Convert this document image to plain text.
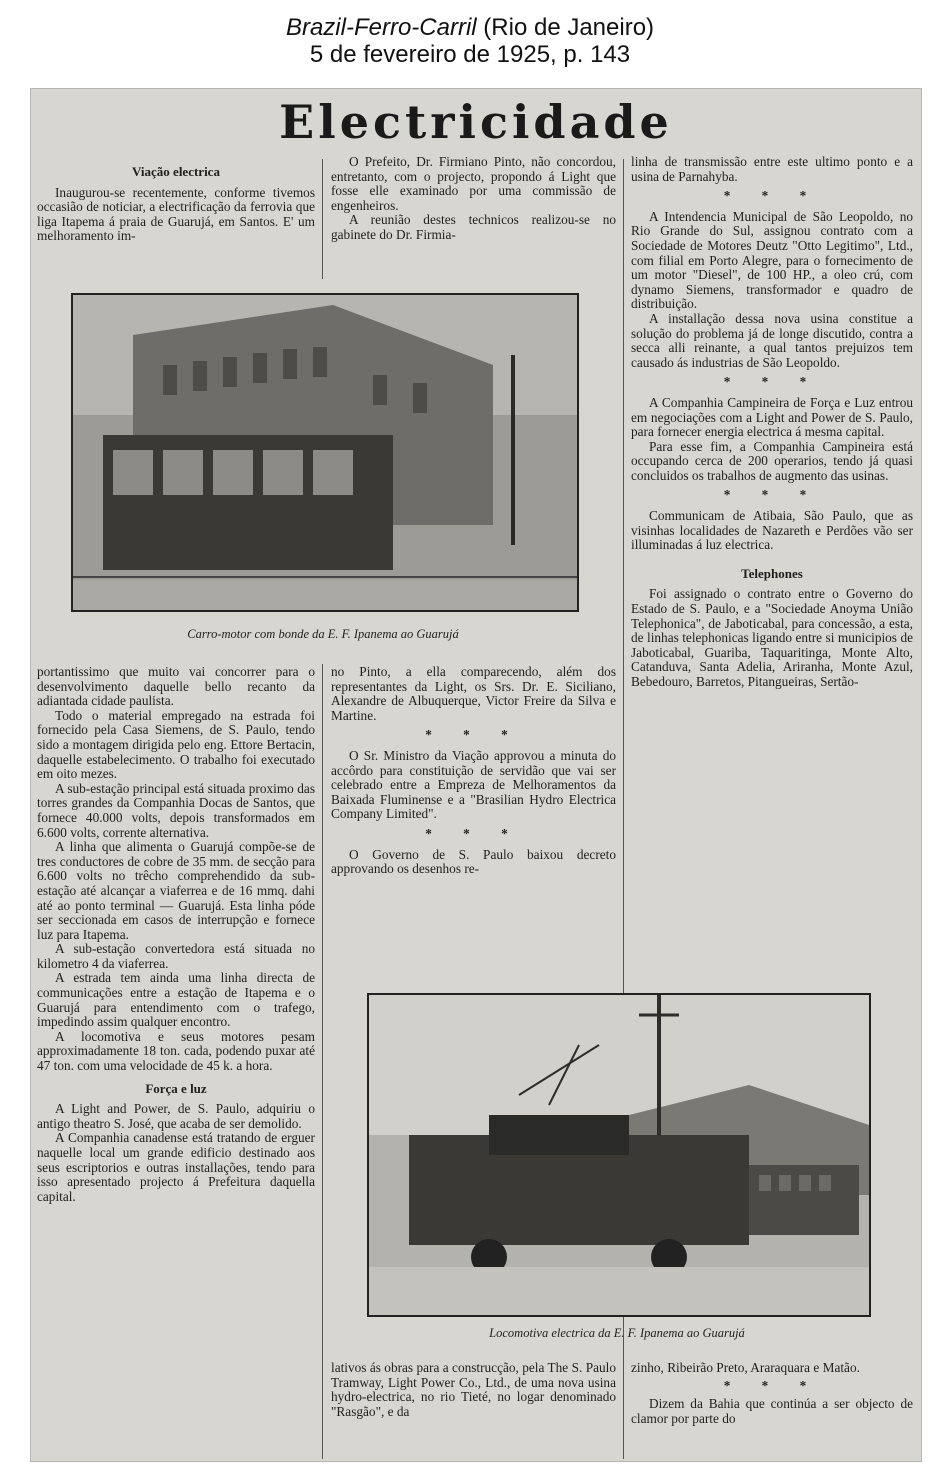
Brazil-Ferro-Carril (Rio de Janeiro)
5 de fevereiro de 1925, p. 143
Electricidade
Viação electrica

Inaugurou-se recentemente, conforme tivemos occasião de noticiar, a electrificação da ferrovia que liga Itapema á praia de Guarujá, em Santos. E' um melhoramento im-

O Prefeito, Dr. Firmiano Pinto, não concordou, entretanto, com o projecto, propondo á Light que fosse elle examinado por uma commissão de engenheiros.

A reunião destes technicos realizou-se no gabinete do Dr. Firmia-

linha de transmissão entre este ultimo ponto e a usina de Parnahyba.

* * *

A Intendencia Municipal de São Leopoldo, no Rio Grande do Sul, assignou contrato com a Sociedade de Motores Deutz "Otto Legitimo", Ltd., com filial em Porto Alegre, para o fornecimento de um motor "Diesel", de 100 HP., a oleo crú, com dynamo Siemens, transformador e quadro de distribuição.

A installação dessa nova usina constitue a solução do problema já de longe discutido, contra a secca alli reinante, a qual tantos prejuizos tem causado ás industrias de São Leopoldo.

* * *

A Companhia Campineira de Força e Luz entrou em negociações com a Light and Power de S. Paulo, para fornecer energia electrica á mesma capital.

Para esse fim, a Companhia Campineira está occupando cerca de 200 operarios, tendo já quasi concluidos os trabalhos de augmento das usinas.

* * *

Communicam de Atibaia, São Paulo, que as visinhas localidades de Nazareth e Perdões vão ser illuminadas á luz electrica.

Telephones

Foi assignado o contrato entre o Governo do Estado de S. Paulo, e a "Sociedade Anoyma União Telephonica", de Jaboticabal, para concessão, a esta, de linhas telephonicas ligando entre si municipios de Jaboticabal, Guariba, Taquaritinga, Monte Alto, Catanduva, Santa Adelia, Ariranha, Monte Azul, Bebedouro, Barretos, Pitangueiras, Sertão-

Carro-motor com bonde da E. F. Ipanema ao Guarujá

portantissimo que muito vai concorrer para o desenvolvimento daquelle bello recanto da adiantada cidade paulista.

Todo o material empregado na estrada foi fornecido pela Casa Siemens, de S. Paulo, tendo sido a montagem dirigida pelo eng. Ettore Bertacin, daquelle estabelecimento. O trabalho foi executado em oito mezes.

A sub-estação principal está situada proximo das torres grandes da Companhia Docas de Santos, que fornece 40.000 volts, depois transformados em 6.600 volts, corrente alternativa.

A linha que alimenta o Guarujá compõe-se de tres conductores de cobre de 35 mm. de secção para 6.600 volts no trêcho comprehendido da sub-estação até alcançar a viaferrea e de 16 mmq. dahi até ao ponto terminal — Guarujá. Esta linha póde ser seccionada em casos de interrupção e fornece luz para Itapema.

A sub-estação convertedora está situada no kilometro 4 da viaferrea.

A estrada tem ainda uma linha directa de communicações entre a estação de Itapema e o Guarujá para entendimento com o trafego, impedindo assim qualquer encontro.

A locomotiva e seus motores pesam approximadamente 18 ton. cada, podendo puxar até 47 ton. com uma velocidade de 45 k. a hora.

Força e luz

A Light and Power, de S. Paulo, adquiriu o antigo theatro S. José, que acaba de ser demolido.

A Companhia canadense está tratando de erguer naquelle local um grande edificio destinado aos seus escriptorios e outras installações, tendo para isso apresentado projecto á Prefeitura daquella capital.

no Pinto, a ella comparecendo, além dos representantes da Light, os Srs. Dr. E. Siciliano, Alexandre de Albuquerque, Victor Freire da Silva e Martine.

* * *

O Sr. Ministro da Viação approvou a minuta do accôrdo para constituição de servidão que vai ser celebrado entre a Empreza de Melhoramentos da Baixada Fluminense e a "Brasilian Hydro Electrica Company Limited".

* * *

O Governo de S. Paulo baixou decreto approvando os desenhos re-

Locomotiva electrica da E. F. Ipanema ao Guarujá

lativos ás obras para a construcção, pela The S. Paulo Tramway, Light Power Co., Ltd., de uma nova usina hydro-electrica, no rio Tieté, no logar denominado "Rasgão", e da

zinho, Ribeirão Preto, Araraquara e Matão.

* * *

Dizem da Bahia que continúa a ser objecto de clamor por parte do
